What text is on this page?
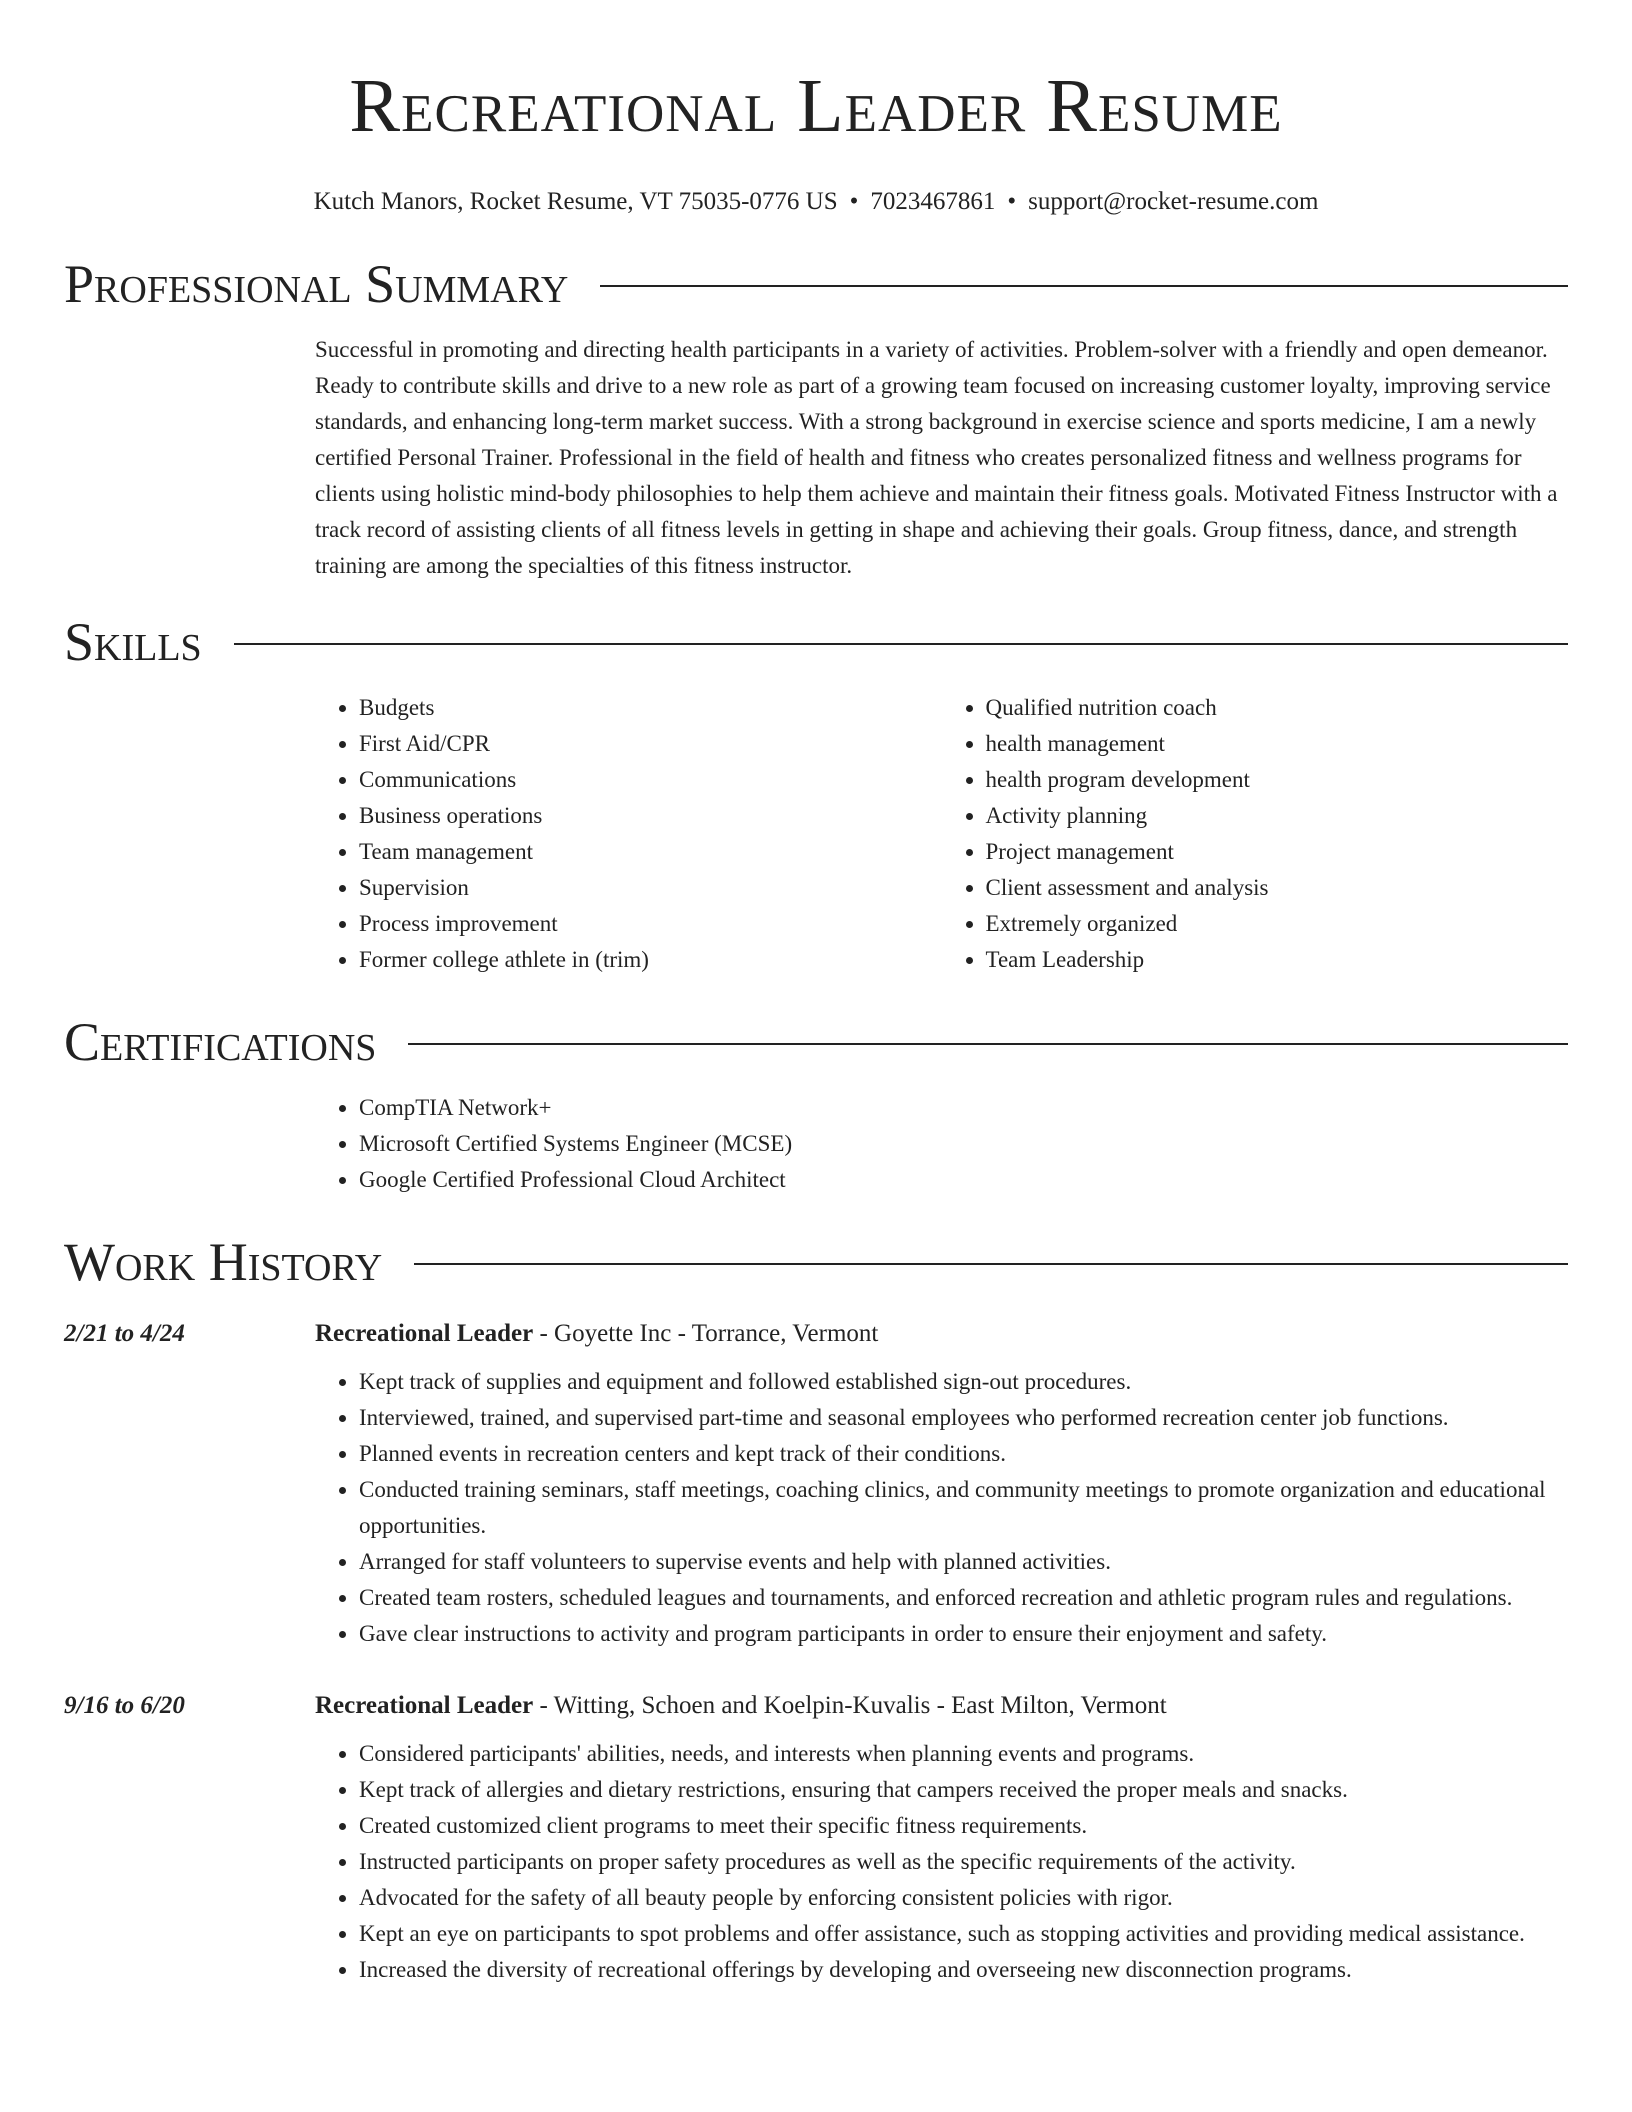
Recreational Leader Resume
Kutch Manors, Rocket Resume, VT 75035-0776 US • 7023467861 • support@rocket-resume.com
Professional Summary
Successful in promoting and directing health participants in a variety of activities. Problem-solver with a friendly and open demeanor. Ready to contribute skills and drive to a new role as part of a growing team focused on increasing customer loyalty, improving service standards, and enhancing long-term market success. With a strong background in exercise science and sports medicine, I am a newly certified Personal Trainer. Professional in the field of health and fitness who creates personalized fitness and wellness programs for clients using holistic mind-body philosophies to help them achieve and maintain their fitness goals. Motivated Fitness Instructor with a track record of assisting clients of all fitness levels in getting in shape and achieving their goals. Group fitness, dance, and strength training are among the specialties of this fitness instructor.
Skills
• Budgets
• First Aid/CPR
• Communications
• Business operations
• Team management
• Supervision
• Process improvement
• Former college athlete in (trim)
• Qualified nutrition coach
• health management
• health program development
• Activity planning
• Project management
• Client assessment and analysis
• Extremely organized
• Team Leadership
Certifications
• CompTIA Network+
• Microsoft Certified Systems Engineer (MCSE)
• Google Certified Professional Cloud Architect
Work History
2/21 to 4/24	Recreational Leader - Goyette Inc - Torrance, Vermont
• Kept track of supplies and equipment and followed established sign-out procedures.
• Interviewed, trained, and supervised part-time and seasonal employees who performed recreation center job functions.
• Planned events in recreation centers and kept track of their conditions.
• Conducted training seminars, staff meetings, coaching clinics, and community meetings to promote organization and educational opportunities.
• Arranged for staff volunteers to supervise events and help with planned activities.
• Created team rosters, scheduled leagues and tournaments, and enforced recreation and athletic program rules and regulations.
• Gave clear instructions to activity and program participants in order to ensure their enjoyment and safety.
9/16 to 6/20	Recreational Leader - Witting, Schoen and Koelpin-Kuvalis - East Milton, Vermont
• Considered participants' abilities, needs, and interests when planning events and programs.
• Kept track of allergies and dietary restrictions, ensuring that campers received the proper meals and snacks.
• Created customized client programs to meet their specific fitness requirements.
• Instructed participants on proper safety procedures as well as the specific requirements of the activity.
• Advocated for the safety of all beauty people by enforcing consistent policies with rigor.
• Kept an eye on participants to spot problems and offer assistance, such as stopping activities and providing medical assistance.
• Increased the diversity of recreational offerings by developing and overseeing new disconnection programs.
